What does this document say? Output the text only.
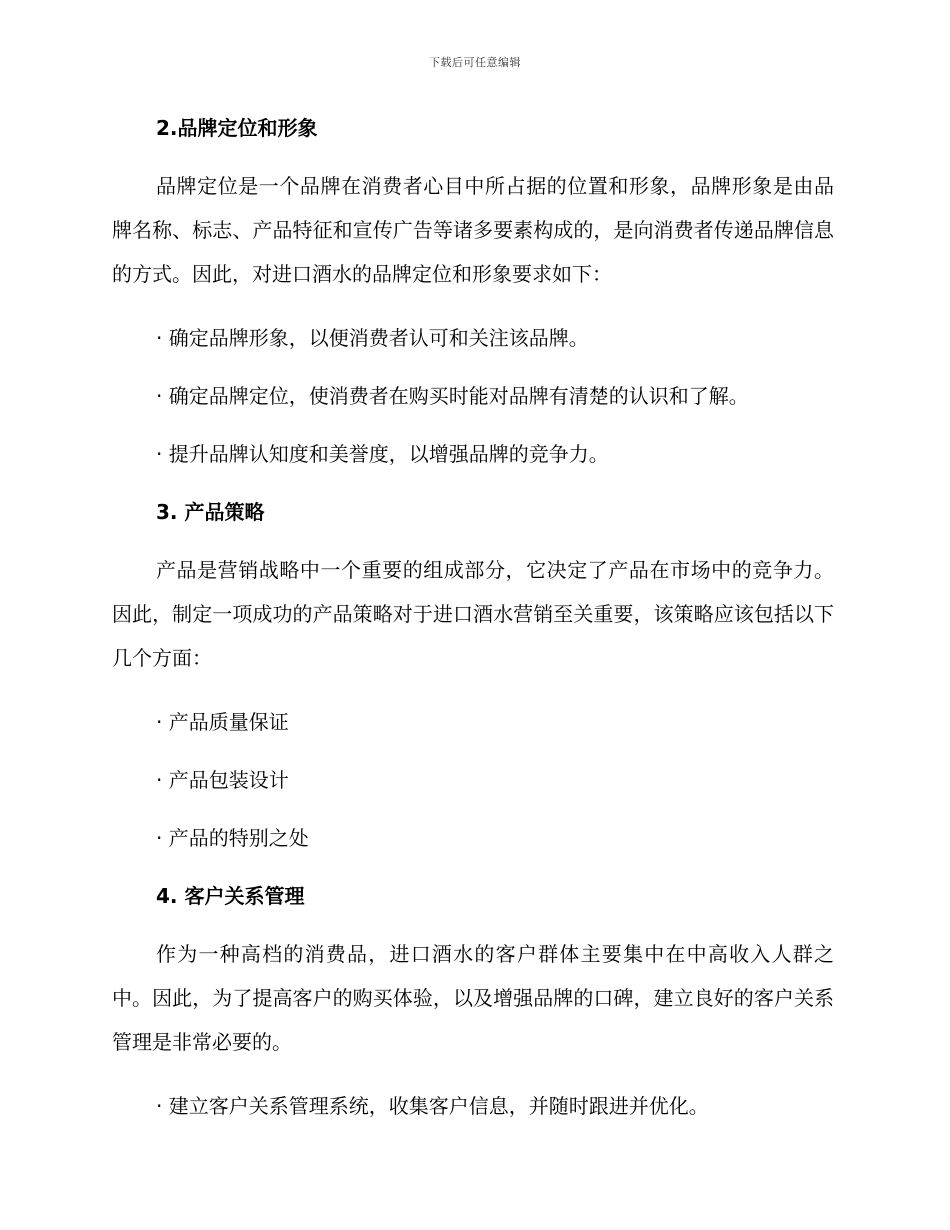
下载后可任意编辑
2.品牌定位和形象

品牌定位是一个品牌在消费者心目中所占据的位置和形象，品牌形象是由品牌名称、标志、产品特征和宣传广告等诸多要素构成的，是向消费者传递品牌信息的方式。因此，对进口酒水的品牌定位和形象要求如下：

· 确定品牌形象，以便消费者认可和关注该品牌。

· 确定品牌定位，使消费者在购买时能对品牌有清楚的认识和了解。

· 提升品牌认知度和美誉度，以增强品牌的竞争力。

3. 产品策略

产品是营销战略中一个重要的组成部分，它决定了产品在市场中的竞争力。因此，制定一项成功的产品策略对于进口酒水营销至关重要，该策略应该包括以下几个方面：

· 产品质量保证

· 产品包装设计

· 产品的特别之处

4. 客户关系管理

作为一种高档的消费品，进口酒水的客户群体主要集中在中高收入人群之中。因此，为了提高客户的购买体验，以及增强品牌的口碑，建立良好的客户关系管理是非常必要的。

· 建立客户关系管理系统，收集客户信息，并随时跟进并优化。
